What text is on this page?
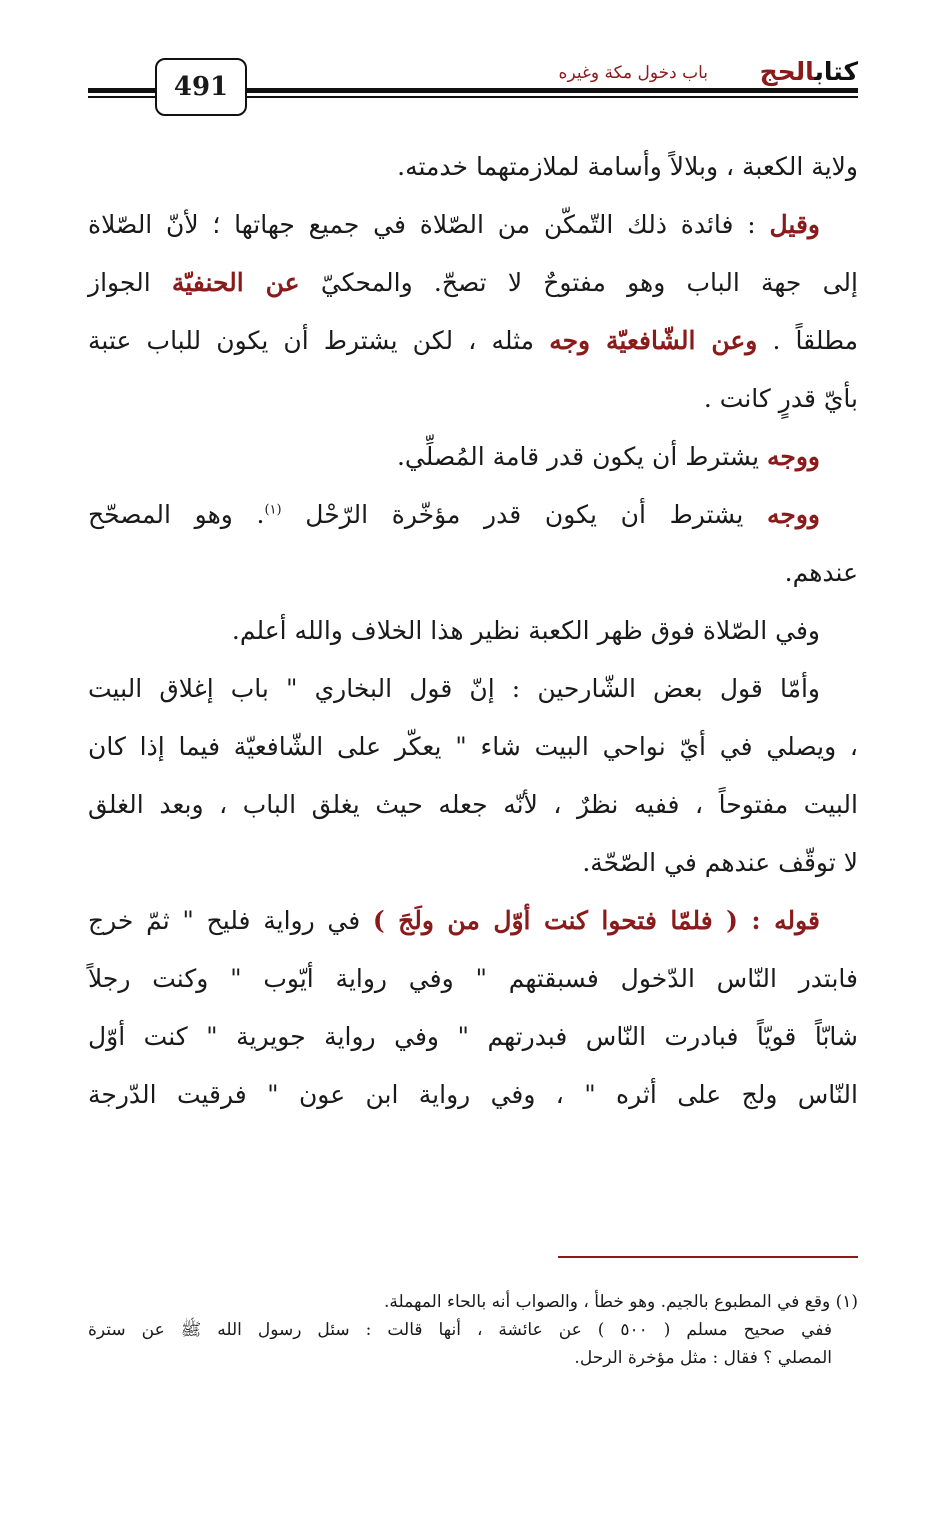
كتابالحج
باب دخول مكة وغيره
491
ولاية الكعبة ، وبلالاً وأسامة لملازمتهما خدمته.
وقيل : فائدة ذلك التّمكّن من الصّلاة في جميع جهاتها ؛ لأنّ الصّلاة
إلى جهة الباب وهو مفتوحٌ لا تصحّ. والمحكيّ عن الحنفيّة الجواز
مطلقاً . وعن الشّافعيّة وجه مثله ، لكن يشترط أن يكون للباب عتبة
بأيّ قدرٍ كانت .
ووجه يشترط أن يكون قدر قامة المُصلِّي.
ووجه يشترط أن يكون قدر مؤخّرة الرّحْل $^{(١)}$. وهو المصحّح
عندهم.
وفي الصّلاة فوق ظهر الكعبة نظير هذا الخلاف والله أعلم.
وأمّا قول بعض الشّارحين : إنّ قول البخاري " باب إغلاق البيت
، ويصلي في أيّ نواحي البيت شاء " يعكّر على الشّافعيّة فيما إذا كان
البيت مفتوحاً ، ففيه نظرٌ ، لأنّه جعله حيث يغلق الباب ، وبعد الغلق
لا توقّف عندهم في الصّحّة.
قوله : ( فلمّا فتحوا كنت أوّل من ولَجَ ) في رواية فليح " ثمّ خرج
فابتدر النّاس الدّخول فسبقتهم " وفي رواية أيّوب " وكنت رجلاً
شابّاً قويّاً فبادرت النّاس فبدرتهم " وفي رواية جويرية " كنت أوّل
النّاس ولج على أثره " ، وفي رواية ابن عون " فرقيت الدّرجة
(١) وقع في المطبوع بالجيم. وهو خطأ ، والصواب أنه بالحاء المهملة.
ففي صحيح مسلم ( ٥٠٠ ) عن عائشة ، أنها قالت : سئل رسول الله ﷺ عن سترة
المصلي ؟ فقال : مثل مؤخرة الرحل.
